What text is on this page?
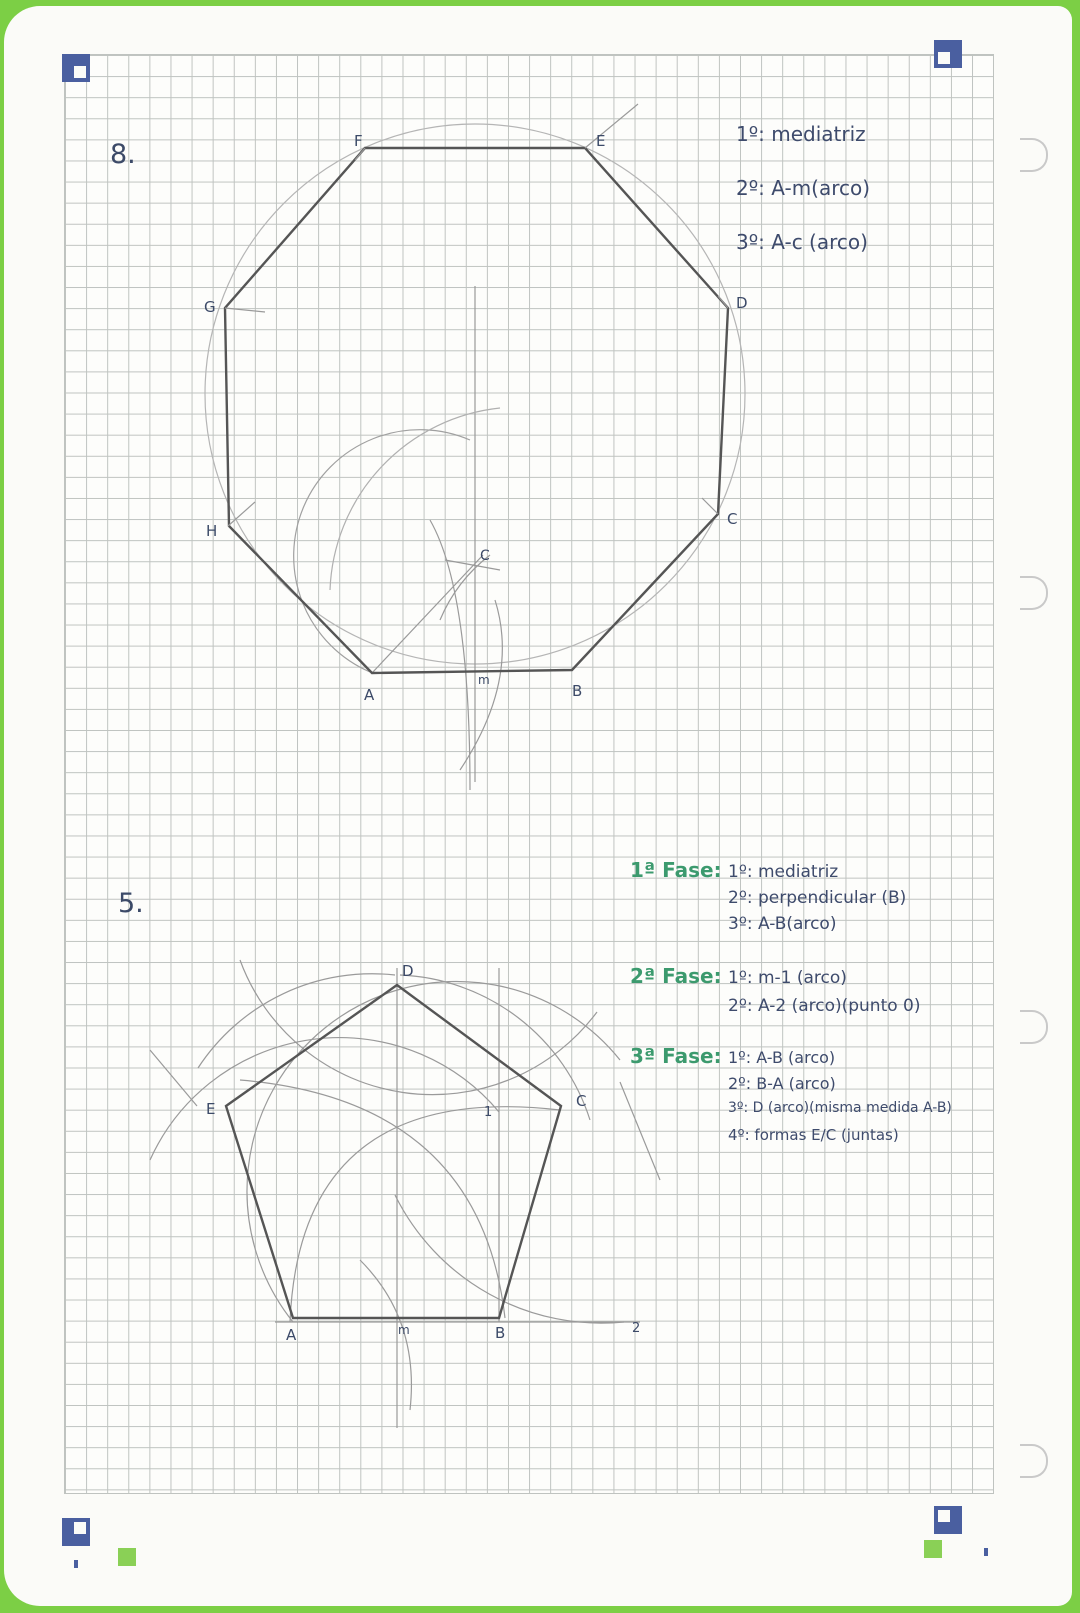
8.
A	B
C
D
E
F
G
H
m
C
5.
A	B
C
D
E
m
1
2
1º: mediatriz
2º: A-m(arco)
3º: A-c (arco)
1ª Fase: 1º: mediatriz
2º: perpendicular (B)
3º: A-B(arco)
2ª Fase: 1º: m-1 (arco)
2º: A-2 (arco)(punto 0)
3ª Fase: 1º: A-B (arco)
2º: B-A (arco)
3º: D (arco)(misma medida A-B)
4º: formas E/C (juntas)
